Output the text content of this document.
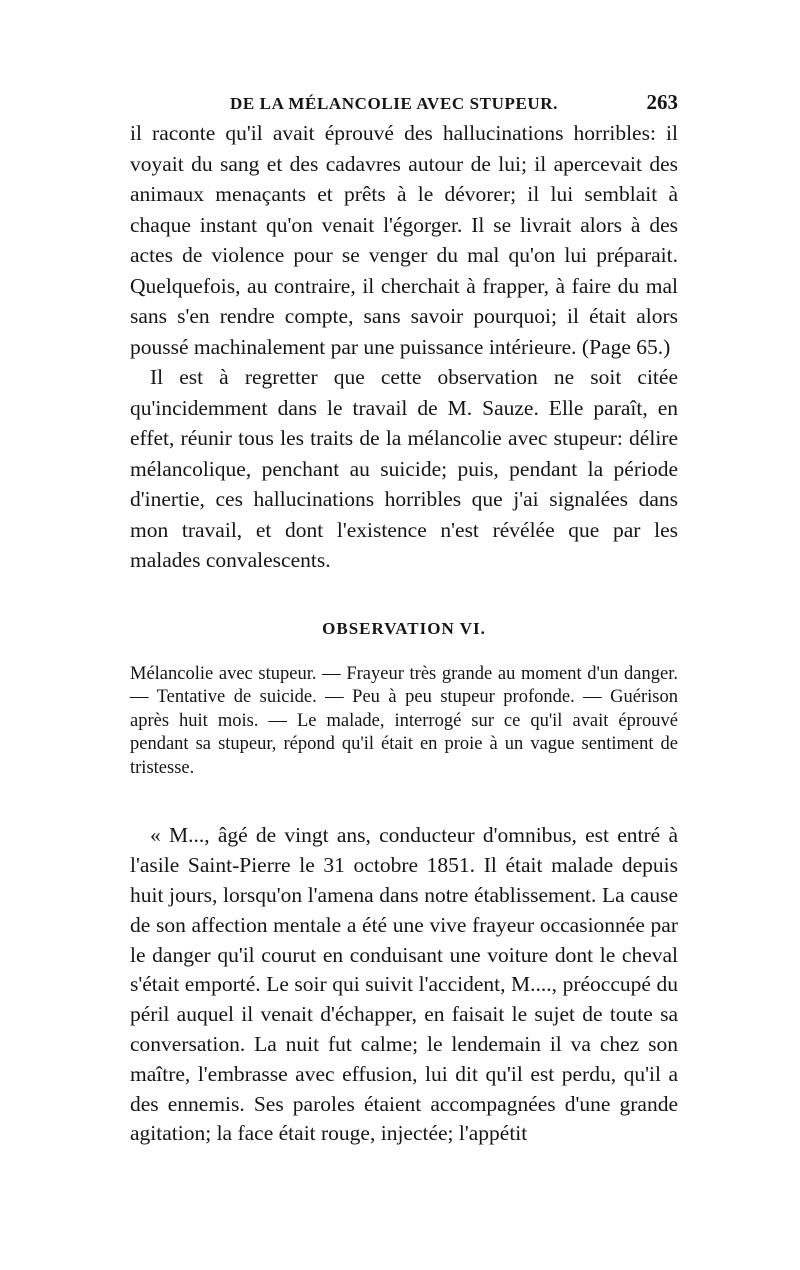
DE LA MÉLANCOLIE AVEC STUPEUR.	263

il raconte qu'il avait éprouvé des hallucinations horribles: il voyait du sang et des cadavres autour de lui; il apercevait des animaux menaçants et prêts à le dévorer; il lui semblait à chaque instant qu'on venait l'égorger. Il se livrait alors à des actes de violence pour se venger du mal qu'on lui préparait. Quelquefois, au contraire, il cherchait à frapper, à faire du mal sans s'en rendre compte, sans savoir pourquoi; il était alors poussé machinalement par une puissance intérieure. (Page 65.)

Il est à regretter que cette observation ne soit citée qu'incidemment dans le travail de M. Sauze. Elle paraît, en effet, réunir tous les traits de la mélancolie avec stupeur: délire mélancolique, penchant au suicide; puis, pendant la période d'inertie, ces hallucinations horribles que j'ai signalées dans mon travail, et dont l'existence n'est révélée que par les malades convalescents.

OBSERVATION VI.

Mélancolie avec stupeur. — Frayeur très grande au moment d'un danger. — Tentative de suicide. — Peu à peu stupeur profonde. — Guérison après huit mois. — Le malade, interrogé sur ce qu'il avait éprouvé pendant sa stupeur, répond qu'il était en proie à un vague sentiment de tristesse.

« M..., âgé de vingt ans, conducteur d'omnibus, est entré à l'asile Saint-Pierre le 31 octobre 1851. Il était malade depuis huit jours, lorsqu'on l'amena dans notre établissement. La cause de son affection mentale a été une vive frayeur occasionnée par le danger qu'il courut en conduisant une voiture dont le cheval s'était emporté. Le soir qui suivit l'accident, M...., préoccupé du péril auquel il venait d'échapper, en faisait le sujet de toute sa conversation. La nuit fut calme; le lendemain il va chez son maître, l'embrasse avec effusion, lui dit qu'il est perdu, qu'il a des ennemis. Ses paroles étaient accompagnées d'une grande agitation; la face était rouge, injectée; l'appétit
